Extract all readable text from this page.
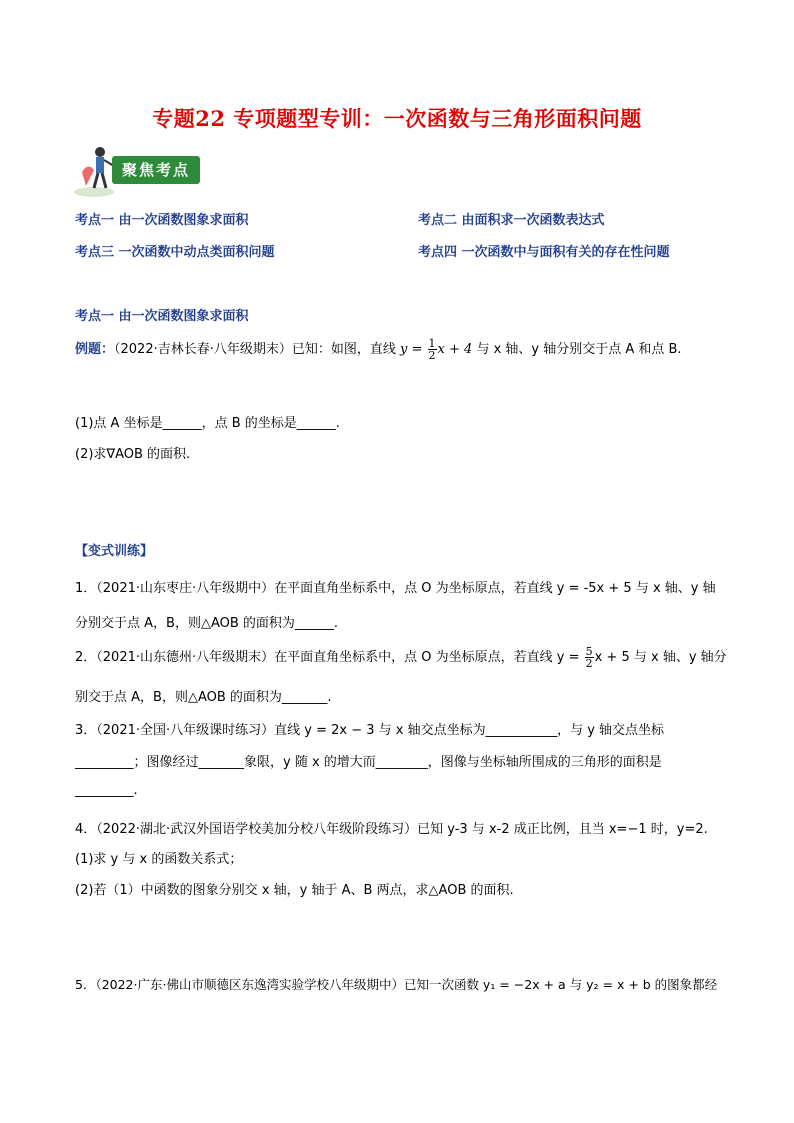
专题22 专项题型专训：一次函数与三角形面积问题
聚焦考点
考点一 由一次函数图象求面积	考点二 由面积求一次函数表达式
考点三 一次函数中动点类面积问题	考点四 一次函数中与面积有关的存在性问题
考点一 由一次函数图象求面积
例题：（2022·吉林长春·八年级期末）已知：如图，直线 $y = \frac{1}{2}$ x + 4 与 x 轴、y 轴分别交于点 A 和点 B.
(1)点 A 坐标是______，点 B 的坐标是______.
(2)求∇AOB 的面积.
【变式训练】
1．（2021·山东枣庄·八年级期中）在平面直角坐标系中，点 O 为坐标原点，若直线 y = -5x + 5 与 x 轴、y 轴
分别交于点 A，B，则△AOB 的面积为______.
2．（2021·山东德州·八年级期末）在平面直角坐标系中，点 O 为坐标原点，若直线 $y = \frac{5}{2}$ x + 5 与 x 轴、y 轴分
别交于点 A，B，则△AOB 的面积为_______.
3．（2021·全国·八年级课时练习）直线 y = 2x − 3 与 x 轴交点坐标为___________，与 y 轴交点坐标
_________；图像经过_______象限，y 随 x 的增大而________，图像与坐标轴所围成的三角形的面积是
_________.
4．（2022·湖北·武汉外国语学校美加分校八年级阶段练习）已知 y-3 与 x-2 成正比例，且当 x=−1 时，y=2.
(1)求 y 与 x 的函数关系式；
(2)若（1）中函数的图象分别交 x 轴，y 轴于 A、B 两点，求△AOB 的面积.
5．（2022·广东·佛山市顺德区东逸湾实验学校八年级期中）已知一次函数 y₁ = −2x + a 与 y₂ = x + b 的图象都经
